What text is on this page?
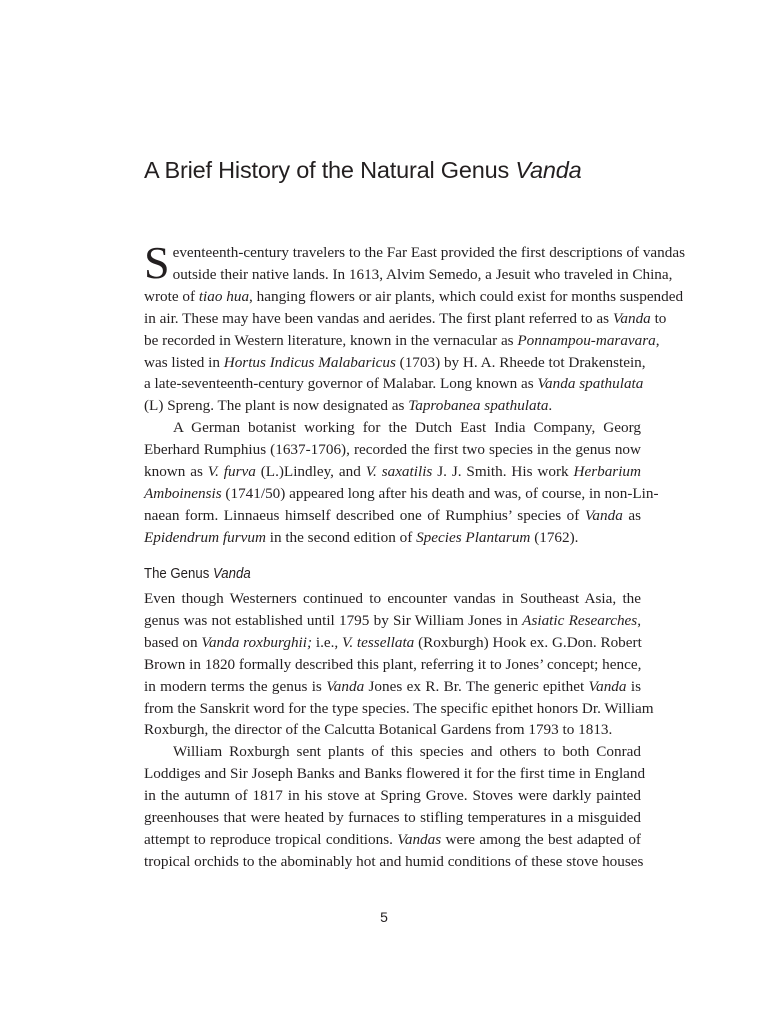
A Brief History of the Natural Genus Vanda

S eventeenth-century travelers to the Far East provided the first descriptions of vandas
outside their native lands. In 1613, Alvim Semedo, a Jesuit who traveled in China,
wrote of tiao hua, hanging flowers or air plants, which could exist for months suspended
in air. These may have been vandas and aerides. The first plant referred to as Vanda to
be recorded in Western literature, known in the vernacular as Ponnampou-maravara,
was listed in Hortus Indicus Malabaricus (1703) by H. A. Rheede tot Drakenstein,
a late-seventeenth-century governor of Malabar. Long known as Vanda spathulata
(L) Spreng. The plant is now designated as Taprobanea spathulata.

A German botanist working for the Dutch East India Company, Georg
Eberhard Rumphius (1637-1706), recorded the first two species in the genus now
known as V. furva (L.)Lindley, and V. saxatilis J. J. Smith. His work Herbarium
Amboinensis (1741/50) appeared long after his death and was, of course, in non-Lin-
naean form. Linnaeus himself described one of Rumphius’ species of Vanda as
Epidendrum furvum in the second edition of Species Plantarum (1762).

The Genus Vanda

Even though Westerners continued to encounter vandas in Southeast Asia, the
genus was not established until 1795 by Sir William Jones in Asiatic Researches,
based on Vanda roxburghii; i.e., V. tessellata (Roxburgh) Hook ex. G.Don. Robert
Brown in 1820 formally described this plant, referring it to Jones’ concept; hence,
in modern terms the genus is Vanda Jones ex R. Br. The generic epithet Vanda is
from the Sanskrit word for the type species. The specific epithet honors Dr. William
Roxburgh, the director of the Calcutta Botanical Gardens from 1793 to 1813.

William Roxburgh sent plants of this species and others to both Conrad
Loddiges and Sir Joseph Banks and Banks flowered it for the first time in England
in the autumn of 1817 in his stove at Spring Grove. Stoves were darkly painted
greenhouses that were heated by furnaces to stifling temperatures in a misguided
attempt to reproduce tropical conditions. Vandas were among the best adapted of
tropical orchids to the abominably hot and humid conditions of these stove houses

5
